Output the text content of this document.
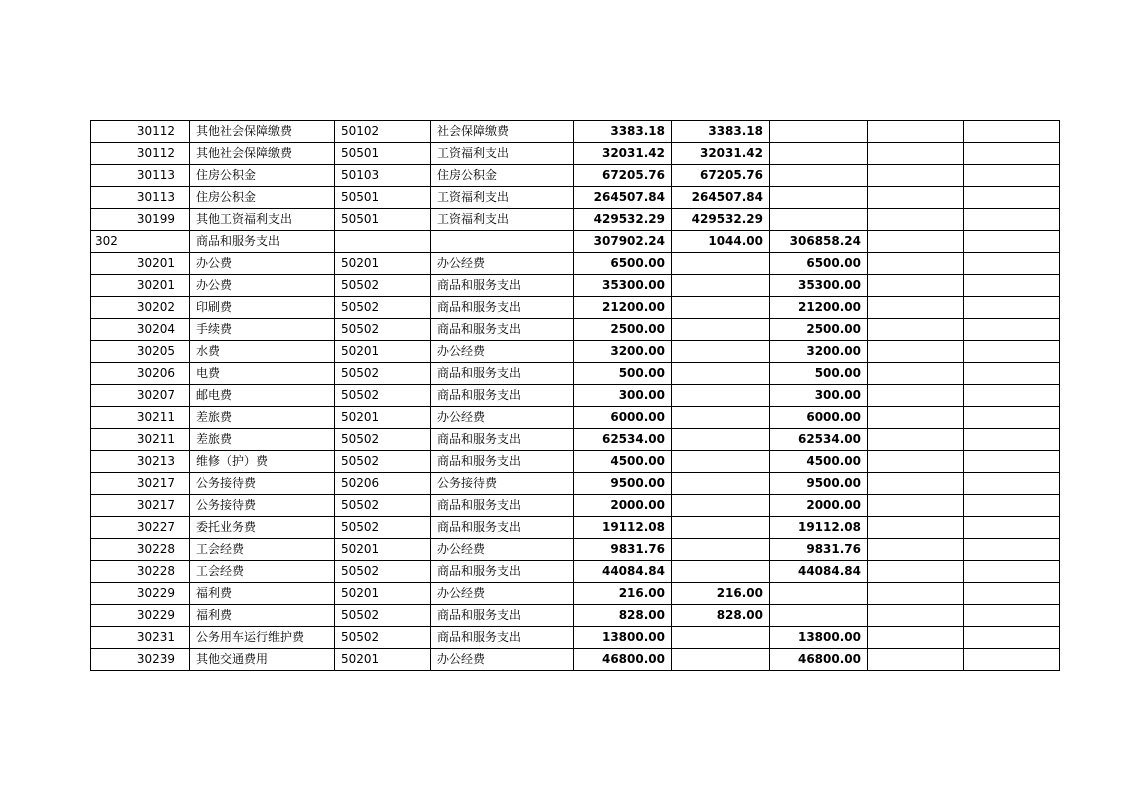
30112	其他社会保障缴费	50102	社会保障缴费	3383.18	3383.18			
30112	其他社会保障缴费	50501	工资福利支出	32031.42	32031.42			
30113	住房公积金	50103	住房公积金	67205.76	67205.76			
30113	住房公积金	50501	工资福利支出	264507.84	264507.84			
30199	其他工资福利支出	50501	工资福利支出	429532.29	429532.29			
302	商品和服务支出			307902.24	1044.00	306858.24		
30201	办公费	50201	办公经费	6500.00		6500.00		
30201	办公费	50502	商品和服务支出	35300.00		35300.00		
30202	印刷费	50502	商品和服务支出	21200.00		21200.00		
30204	手续费	50502	商品和服务支出	2500.00		2500.00		
30205	水费	50201	办公经费	3200.00		3200.00		
30206	电费	50502	商品和服务支出	500.00		500.00		
30207	邮电费	50502	商品和服务支出	300.00		300.00		
30211	差旅费	50201	办公经费	6000.00		6000.00		
30211	差旅费	50502	商品和服务支出	62534.00		62534.00		
30213	维修（护）费	50502	商品和服务支出	4500.00		4500.00		
30217	公务接待费	50206	公务接待费	9500.00		9500.00		
30217	公务接待费	50502	商品和服务支出	2000.00		2000.00		
30227	委托业务费	50502	商品和服务支出	19112.08		19112.08		
30228	工会经费	50201	办公经费	9831.76		9831.76		
30228	工会经费	50502	商品和服务支出	44084.84		44084.84		
30229	福利费	50201	办公经费	216.00	216.00			
30229	福利费	50502	商品和服务支出	828.00	828.00			
30231	公务用车运行维护费	50502	商品和服务支出	13800.00		13800.00		
30239	其他交通费用	50201	办公经费	46800.00		46800.00		
